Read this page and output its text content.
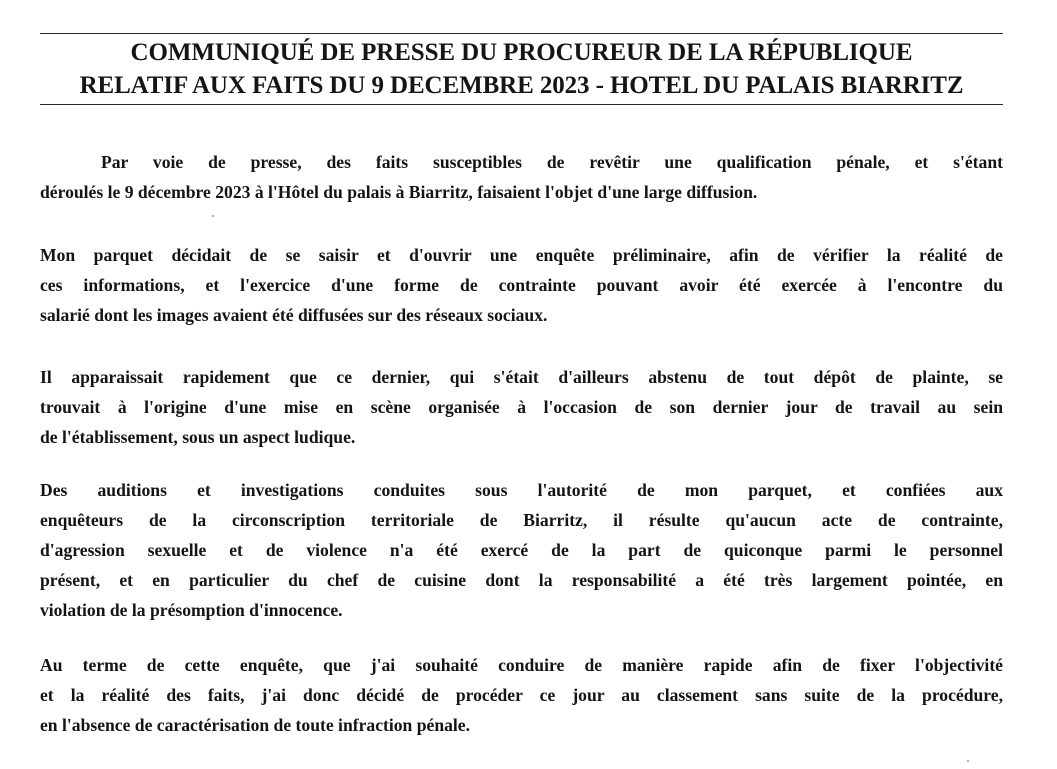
COMMUNIQUÉ DE PRESSE DU PROCUREUR DE LA RÉPUBLIQUE
RELATIF AUX FAITS DU 9 DECEMBRE 2023 - HOTEL DU PALAIS BIARRITZ

Par voie de presse, des faits susceptibles de revêtir une qualification pénale, et s'étant
déroulés le 9 décembre 2023 à l'Hôtel du palais à Biarritz, faisaient l'objet d'une large diffusion.

Mon parquet décidait de se saisir et d'ouvrir une enquête préliminaire, afin de vérifier la réalité de
ces informations, et l'exercice d'une forme de contrainte pouvant avoir été exercée à l'encontre du
salarié dont les images avaient été diffusées sur des réseaux sociaux.

Il apparaissait rapidement que ce dernier, qui s'était d'ailleurs abstenu de tout dépôt de plainte, se
trouvait à l'origine d'une mise en scène organisée à l'occasion de son dernier jour de travail au sein
de l'établissement, sous un aspect ludique.

Des auditions et investigations conduites sous l'autorité de mon parquet, et confiées aux
enquêteurs de la circonscription territoriale de Biarritz, il résulte qu'aucun acte de contrainte,
d'agression sexuelle et de violence n'a été exercé de la part de quiconque parmi le personnel
présent, et en particulier du chef de cuisine dont la responsabilité a été très largement pointée, en
violation de la présomption d'innocence.

Au terme de cette enquête, que j'ai souhaité conduire de manière rapide afin de fixer l'objectivité
et la réalité des faits, j'ai donc décidé de procéder ce jour au classement sans suite de la procédure,
en l'absence de caractérisation de toute infraction pénale.
